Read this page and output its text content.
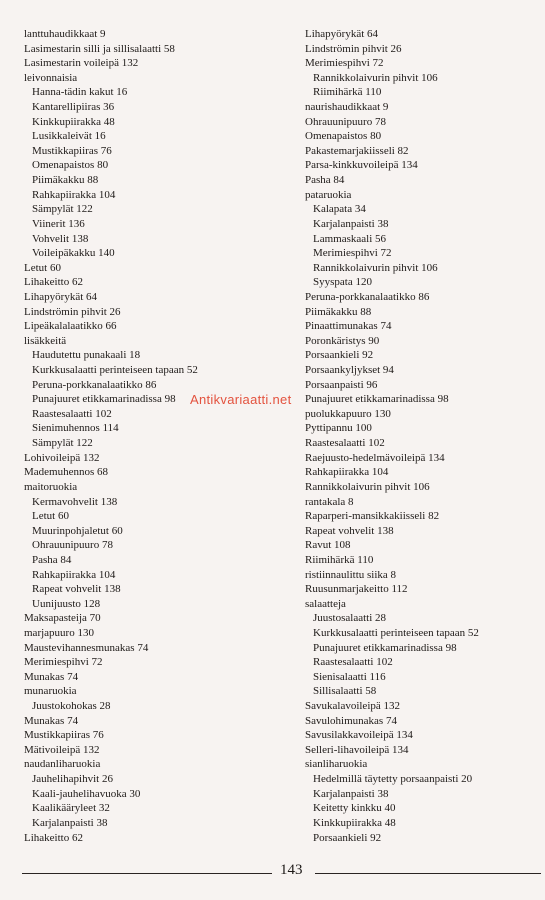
lanttuhaudikkaat 9
Lasimestarin silli ja sillisalaatti 58
Lasimestarin voileipä 132
leivonnaisia
Hanna-tädin kakut 16
Kantarellipiiras 36
Kinkkupiirakka 48
Lusikkaleivät 16
Mustikkapiiras 76
Omenapaistos 80
Piimäkakku 88
Rahkapiirakka 104
Sämpylät 122
Viinerit 136
Vohvelit 138
Voileipäkakku 140
Letut 60
Lihakeitto 62
Lihapyörykät 64
Lindströmin pihvit 26
Lipeäkalalaatikko 66
lisäkkeitä
Haudutettu punakaali 18
Kurkkusalaatti perinteiseen tapaan 52
Peruna-porkkanalaatikko 86
Punajuuret etikkamarinadissa 98
Raastesalaatti 102
Sienimuhennos 114
Sämpylät 122
Lohivoileipä 132
Mademuhennos 68
maitoruokia
Kermavohvelit 138
Letut 60
Muurinpohjaletut 60
Ohrauunipuuro 78
Pasha 84
Rahkapiirakka 104
Rapeat vohvelit 138
Uunijuusto 128
Maksapasteija 70
marjapuuro 130
Maustevihannesmunakas 74
Merimiespihvi 72
Munakas 74
munaruokia
Juustokohokas 28
Munakas 74
Mustikkapiiras 76
Mätivoileipä 132
naudanliharuokia
Jauhelihapihvit 26
Kaali-jauhelihavuoka 30
Kaalikääryleet 32
Karjalanpaisti 38
Lihakeitto 62
Lihapyörykät 64
Lindströmin pihvit 26
Merimiespihvi 72
Rannikkolaivurin pihvit 106
Riimihärkä 110
naurishaudikkaat 9
Ohrauunipuuro 78
Omenapaistos 80
Pakastemarjakiisseli 82
Parsa-kinkkuvoileipä 134
Pasha 84
pataruokia
Kalapata 34
Karjalanpaisti 38
Lammaskaali 56
Merimiespihvi 72
Rannikkolaivurin pihvit 106
Syyspata 120
Peruna-porkkanalaatikko 86
Piimäkakku 88
Pinaattimunakas 74
Poronkäristys 90
Porsaankieli 92
Porsaankyljykset 94
Porsaanpaisti 96
Punajuuret etikkamarinadissa 98
puolukkapuuro 130
Pyttipannu 100
Raastesalaatti 102
Raejuusto-hedelmävoileipä 134
Rahkapiirakka 104
Rannikkolaivurin pihvit 106
rantakala 8
Raparperi-mansikkakiisseli 82
Rapeat vohvelit 138
Ravut 108
Riimihärkä 110
ristiinnaulittu siika 8
Ruusunmarjakeitto 112
salaatteja
Juustosalaatti 28
Kurkkusalaatti perinteiseen tapaan 52
Punajuuret etikkamarinadissa 98
Raastesalaatti 102
Sienisalaatti 116
Sillisalaatti 58
Savukalavoileipä 132
Savulohimunakas 74
Savusilakkavoileipä 134
Selleri-lihavoileipä 134
sianliharuokia
Hedelmillä täytetty porsaanpaisti 20
Karjalanpaisti 38
Keitetty kinkku 40
Kinkkupiirakka 48
Porsaankieli 92
Antikvariaatti.net
143
